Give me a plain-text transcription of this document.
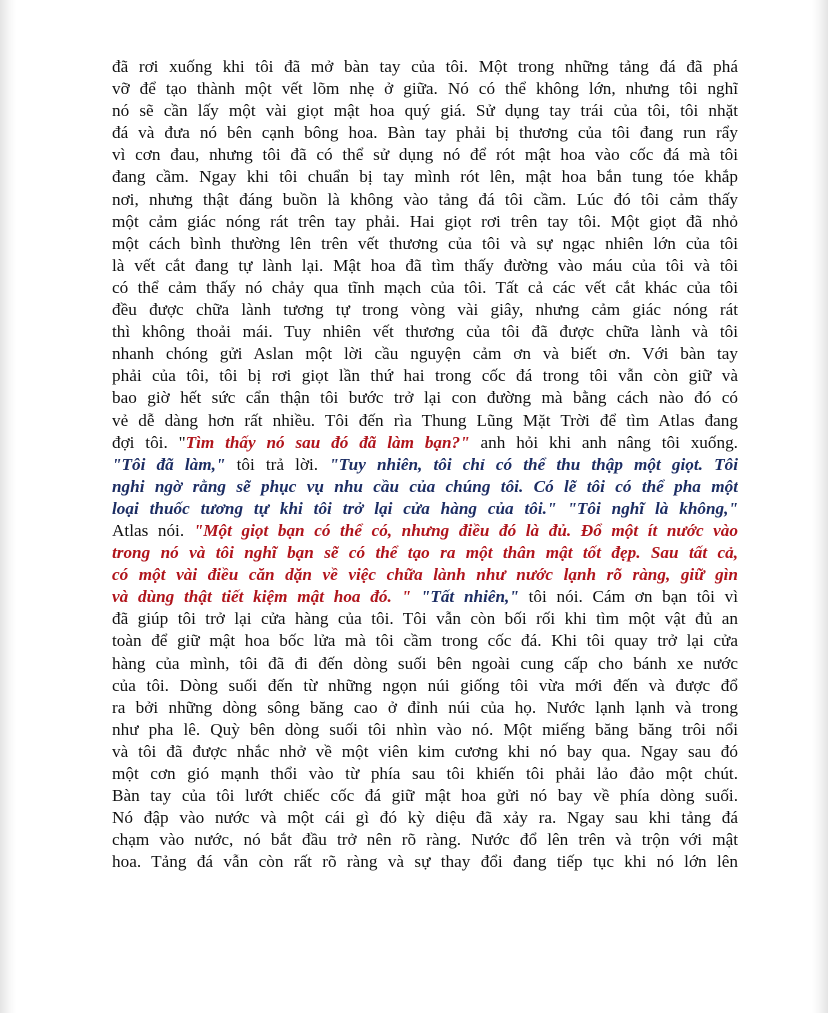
đã rơi xuống khi tôi đã mở bàn tay của tôi. Một trong những tảng đá đã phá
vỡ để tạo thành một vết lõm nhẹ ở giữa. Nó có thể không lớn, nhưng tôi nghĩ
nó sẽ cần lấy một vài giọt mật hoa quý giá. Sử dụng tay trái của tôi, tôi nhặt
đá và đưa nó bên cạnh bông hoa. Bàn tay phải bị thương của tôi đang run rẩy
vì cơn đau, nhưng tôi đã có thể sử dụng nó để rót mật hoa vào cốc đá mà tôi
đang cầm. Ngay khi tôi chuẩn bị tay mình rót lên, mật hoa bắn tung tóe khắp
nơi, nhưng thật đáng buồn là không vào tảng đá tôi cầm. Lúc đó tôi cảm thấy
một cảm giác nóng rát trên tay phải. Hai giọt rơi trên tay tôi. Một giọt đã nhỏ
một cách bình thường lên trên vết thương của tôi và sự ngạc nhiên lớn của tôi
là vết cắt đang tự lành lại. Mật hoa đã tìm thấy đường vào máu của tôi và tôi
có thể cảm thấy nó chảy qua tĩnh mạch của tôi. Tất cả các vết cắt khác của tôi
đều được chữa lành tương tự trong vòng vài giây, nhưng cảm giác nóng rát
thì không thoải mái. Tuy nhiên vết thương của tôi đã được chữa lành và tôi
nhanh chóng gửi Aslan một lời cầu nguyện cảm ơn và biết ơn. Với bàn tay
phải của tôi, tôi bị rơi giọt lần thứ hai trong cốc đá trong tôi vẫn còn giữ và
bao giờ hết sức cẩn thận tôi bước trở lại con đường mà bằng cách nào đó có
vẻ dễ dàng hơn rất nhiều. Tôi đến rìa Thung Lũng Mặt Trời để tìm Atlas đang
đợi tôi. "Tìm thấy nó sau đó đã làm bạn?" anh hỏi khi anh nâng tôi xuống.
"Tôi đã làm," tôi trả lời. "Tuy nhiên, tôi chỉ có thể thu thập một giọt. Tôi
nghi ngờ rằng sẽ phục vụ nhu cầu của chúng tôi. Có lẽ tôi có thể pha một
loại thuốc tương tự khi tôi trở lại cửa hàng của tôi." "Tôi nghĩ là không,"
Atlas nói. "Một giọt bạn có thể có, nhưng điều đó là đủ. Đổ một ít nước vào
trong nó và tôi nghĩ bạn sẽ có thể tạo ra một thân mật tốt đẹp. Sau tất cả,
có một vài điều căn dặn về việc chữa lành như nước lạnh rõ ràng, giữ gìn
và dùng thật tiết kiệm mật hoa đó. " "Tất nhiên," tôi nói. Cám ơn bạn tôi vì
đã giúp tôi trở lại cửa hàng của tôi. Tôi vẫn còn bối rối khi tìm một vật đủ an
toàn để giữ mật hoa bốc lửa mà tôi cầm trong cốc đá. Khi tôi quay trở lại cửa
hàng của mình, tôi đã đi đến dòng suối bên ngoài cung cấp cho bánh xe nước
của tôi. Dòng suối đến từ những ngọn núi giống tôi vừa mới đến và được đổ
ra bởi những dòng sông băng cao ở đỉnh núi của họ. Nước lạnh lạnh và trong
như pha lê. Quỳ bên dòng suối tôi nhìn vào nó. Một miếng băng băng trôi nổi
và tôi đã được nhắc nhở về một viên kim cương khi nó bay qua. Ngay sau đó
một cơn gió mạnh thổi vào từ phía sau tôi khiến tôi phải lảo đảo một chút.
Bàn tay của tôi lướt chiếc cốc đá giữ mật hoa gửi nó bay về phía dòng suối.
Nó đập vào nước và một cái gì đó kỳ diệu đã xảy ra. Ngay sau khi tảng đá
chạm vào nước, nó bắt đầu trở nên rõ ràng. Nước đổ lên trên và trộn với mật
hoa. Tảng đá vẫn còn rất rõ ràng và sự thay đổi đang tiếp tục khi nó lớn lên
